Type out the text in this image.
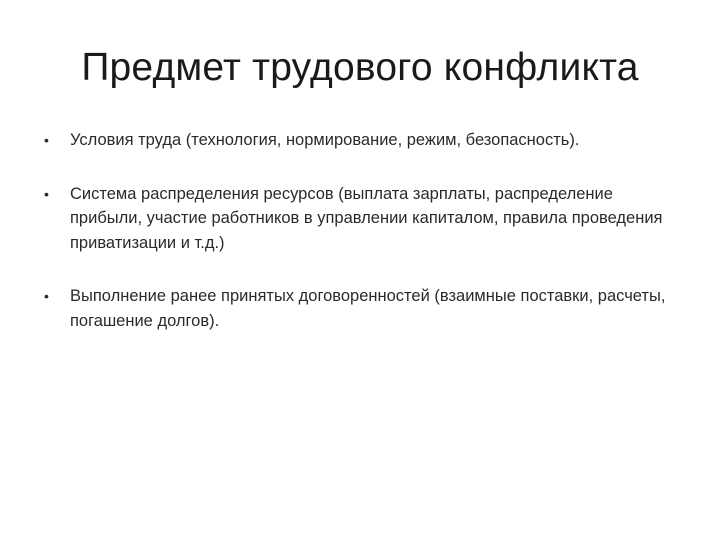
Предмет трудового конфликта
• Условия труда (технология, нормирование, режим, безопасность).
• Система распределения ресурсов (выплата зарплаты, распределение прибыли, участие работников в управлении капиталом, правила проведения приватизации и т.д.)
• Выполнение ранее принятых договоренностей (взаимные поставки, расчеты, погашение долгов).
